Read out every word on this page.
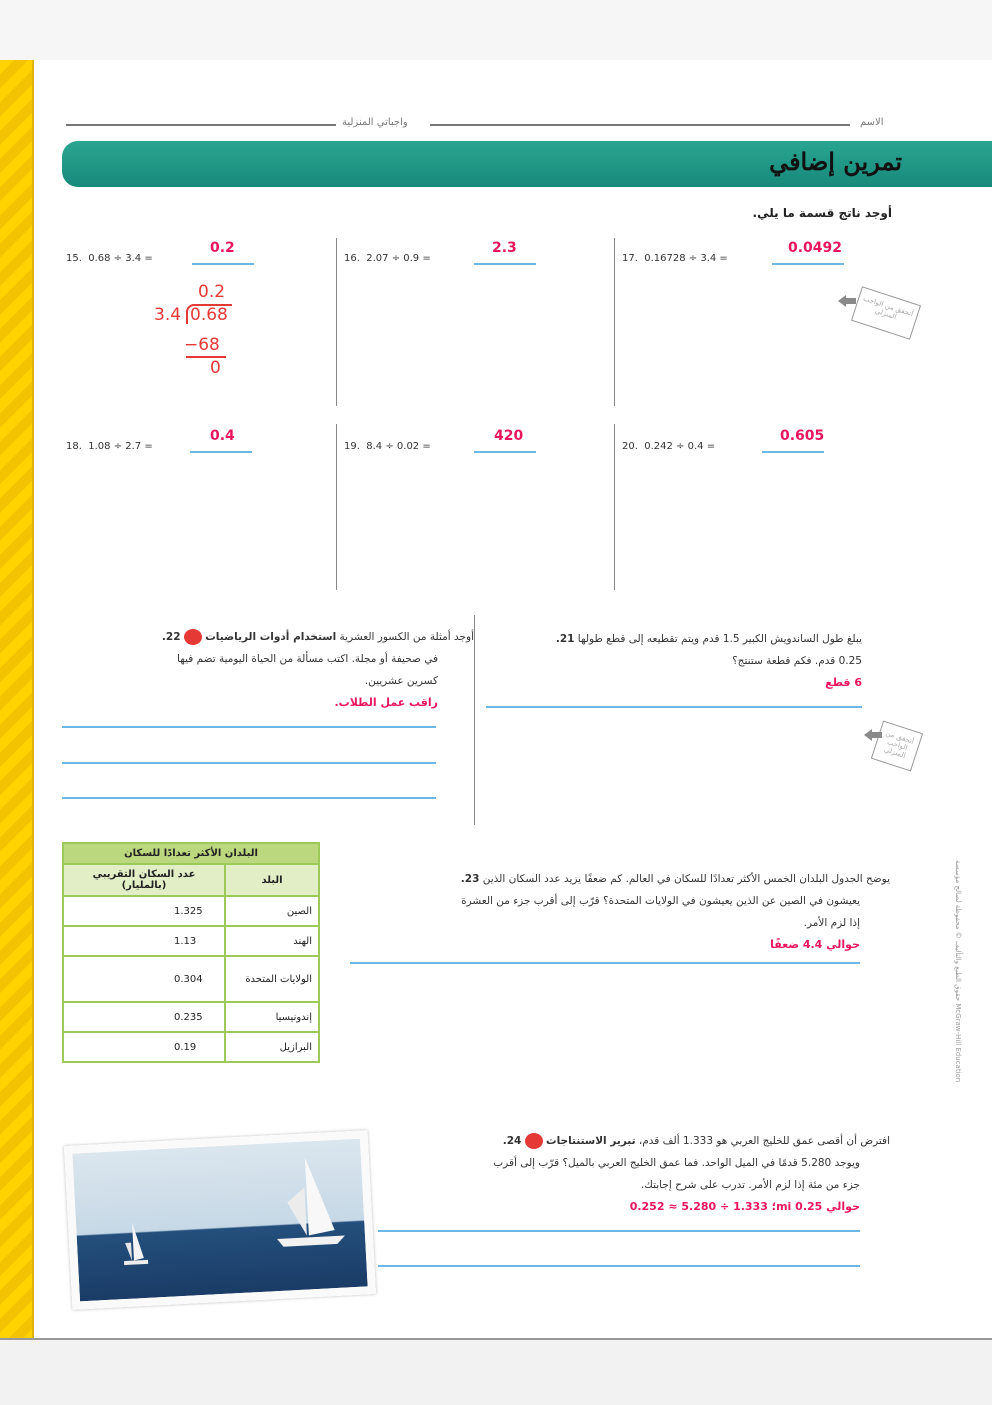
واجباتي المنزلية	الاسم
تمرين إضافي
أوجد ناتج قسمة ما يلي.
15. 0.68 ÷ 3.4 =
0.2
16. 2.07 ÷ 0.9 =
2.3
17. 0.16728 ÷ 3.4 =
0.0492
0.2
3.4 0.68
−68
0
أتحقق من الواجب المنزلي
18. 1.08 ÷ 2.7 =
0.4
19. 8.4 ÷ 0.02 =
420
20. 0.242 ÷ 0.4 =
0.605
يبلغ طول الساندويش الكبير 1.5 قدم ويتم تقطيعه إلى قطع طولها 21.
0.25 قدم. فكم قطعة ستنتج؟
6 قطع
أتحقق من الواجب المنزلي
أوجد أمثلة من الكسور العشرية استخدام أدوات الرياضيات  22.
في صحيفة أو مجلة. اكتب مسألة من الحياة اليومية تضم فيها
كسرين عشريين.
راقب عمل الطلاب.
البلدان الأكثر تعدادًا للسكان	
البلد	عدد السكان التقريبي (بالمليار)
الصين	1.325
الهند	1.13
الولايات المتحدة	0.304
إندونيسيا	0.235
البرازيل	0.19
يوضح الجدول البلدان الخمس الأكثر تعدادًا للسكان في العالم. كم ضعفًا يزيد عدد السكان الذين 23.
يعيشون في الصين عن الذين يعيشون في الولايات المتحدة؟ قرّب إلى أقرب جزء من العشرة
إذا لزم الأمر.
حوالي 4.4 ضعفًا
افترض أن أقصى عمق للخليج العربي هو 1.333 ألف قدم، تبرير الاستنتاجات  24.
ويوجد 5.280 قدمًا في الميل الواحد. فما عمق الخليج العربي بالميل؟ قرّب إلى أقرب
جزء من مئة إذا لزم الأمر. تدرب على شرح إجابتك.
حوالي 0.25 mi؛ 1.333 ÷ 5.280 ≈ 0.252
حقوق الطبع والتأليف © محفوظة لصالح مؤسسة McGraw-Hill Education
